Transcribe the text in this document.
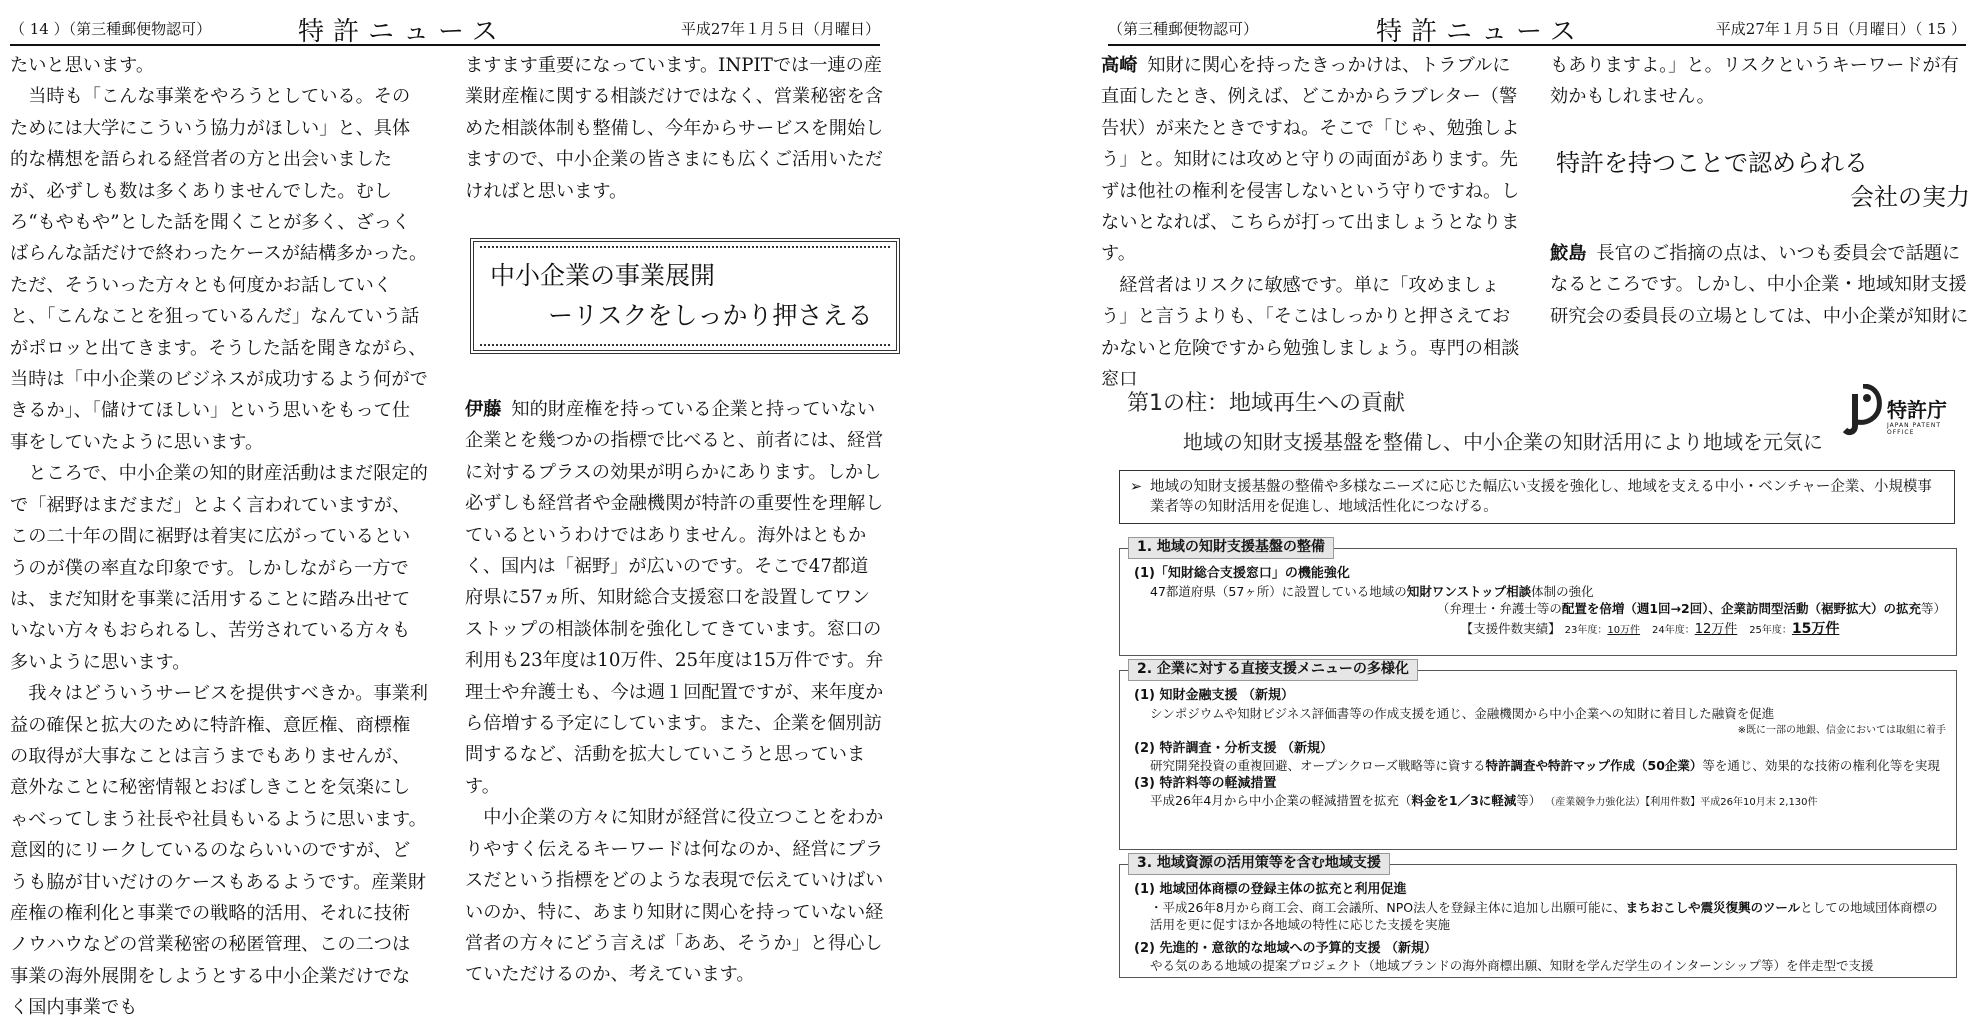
（ 14 ）（第三種郵便物認可）	特許ニュース	平成27年１月５日（月曜日）

たいと思います。

当時も「こんな事業をやろうとしている。そのためには大学にこういう協力がほしい」と、具体的な構想を語られる経営者の方と出会いましたが、必ずしも数は多くありませんでした。むしろ“もやもや”とした話を聞くことが多く、ざっくばらんな話だけで終わったケースが結構多かった。ただ、そういった方々とも何度かお話していくと、「こんなことを狙っているんだ」なんていう話がポロッと出てきます。そうした話を聞きながら、当時は「中小企業のビジネスが成功するよう何ができるか」、「儲けてほしい」という思いをもって仕事をしていたように思います。

ところで、中小企業の知的財産活動はまだ限定的で「裾野はまだまだ」とよく言われていますが、この二十年の間に裾野は着実に広がっているというのが僕の率直な印象です。しかしながら一方では、まだ知財を事業に活用することに踏み出せていない方々もおられるし、苦労されている方々も多いように思います。

我々はどういうサービスを提供すべきか。事業利益の確保と拡大のために特許権、意匠権、商標権の取得が大事なことは言うまでもありませんが、意外なことに秘密情報とおぼしきことを気楽にしゃべってしまう社長や社員もいるように思います。意図的にリークしているのならいいのですが、どうも脇が甘いだけのケースもあるようです。産業財産権の権利化と事業での戦略的活用、それに技術ノウハウなどの営業秘密の秘匿管理、この二つは事業の海外展開をしようとする中小企業だけでなく国内事業でも

ますます重要になっています。INPITでは一連の産業財産権に関する相談だけではなく、営業秘密を含めた相談体制も整備し、今年からサービスを開始しますので、中小企業の皆さまにも広くご活用いただければと思います。

中小企業の事業展開
ーリスクをしっかり押さえる

伊藤 知的財産権を持っている企業と持っていない企業とを幾つかの指標で比べると、前者には、経営に対するプラスの効果が明らかにあります。しかし必ずしも経営者や金融機関が特許の重要性を理解しているというわけではありません。海外はともかく、国内は「裾野」が広いのです。そこで47都道府県に57ヵ所、知財総合支援窓口を設置してワンストップの相談体制を強化してきています。窓口の利用も23年度は10万件、25年度は15万件です。弁理士や弁護士も、今は週１回配置ですが、来年度から倍増する予定にしています。また、企業を個別訪問するなど、活動を拡大していこうと思っています。

中小企業の方々に知財が経営に役立つことをわかりやすく伝えるキーワードは何なのか、経営にプラスだという指標をどのような表現で伝えていけばいいのか、特に、あまり知財に関心を持っていない経営者の方々にどう言えば「ああ、そうか」と得心していただけるのか、考えています。

（第三種郵便物認可）	特許ニュース	平成27年１月５日（月曜日）（ 15 ）

高崎 知財に関心を持ったきっかけは、トラブルに直面したとき、例えば、どこかからラブレター（警告状）が来たときですね。そこで「じゃ、勉強しよう」と。知財には攻めと守りの両面があります。先ずは他社の権利を侵害しないという守りですね。しないとなれば、こちらが打って出ましょうとなります。

経営者はリスクに敏感です。単に「攻めましょう」と言うよりも、「そこはしっかりと押さえておかないと危険ですから勉強しましょう。専門の相談窓口

もありますよ。」と。リスクというキーワードが有効かもしれません。

特許を持つことで認められる
会社の実力

鮫島 長官のご指摘の点は、いつも委員会で話題になるところです。しかし、中小企業・地域知財支援研究会の委員長の立場としては、中小企業が知財に

第1の柱：地域再生への貢献
地域の知財支援基盤を整備し、中小企業の知財活用により地域を元気に
特許庁
JAPAN PATENT OFFICE
➢ 地域の知財支援基盤の整備や多様なニーズに応じた幅広い支援を強化し、地域を支える中小・ベンチャー企業、小規模事業者等の知財活用を促進し、地域活性化につなげる。
1. 地域の知財支援基盤の整備
(1)「知財総合支援窓口」の機能強化
47都道府県（57ヶ所）に設置している地域の知財ワンストップ相談体制の強化
（弁理士・弁護士等の配置を倍増（週1回→2回）、企業訪問型活動（裾野拡大）の拡充等）
【支援件数実績】 23年度：10万件 24年度：12万件 25年度：15万件
2. 企業に対する直接支援メニューの多様化
(1) 知財金融支援 （新規）
シンポジウムや知財ビジネス評価書等の作成支援を通じ、金融機関から中小企業への知財に着目した融資を促進
※既に一部の地銀、信金においては取組に着手
(2) 特許調査・分析支援 （新規）
研究開発投資の重複回避、オープンクローズ戦略等に資する特許調査や特許マップ作成（50企業）等を通じ、効果的な技術の権利化等を実現
(3) 特許料等の軽減措置
平成26年4月から中小企業の軽減措置を拡充（料金を1／3に軽減等） （産業競争力強化法）【利用件数】平成26年10月末 2,130件
3. 地域資源の活用策等を含む地域支援
(1) 地域団体商標の登録主体の拡充と利用促進
・平成26年8月から商工会、商工会議所、NPO法人を登録主体に追加し出願可能に、まちおこしや震災復興のツールとしての地域団体商標の活用を更に促すほか各地域の特性に応じた支援を実施
(2) 先進的・意欲的な地域への予算的支援 （新規）
やる気のある地域の提案プロジェクト（地域ブランドの海外商標出願、知財を学んだ学生のインターンシップ等）を伴走型で支援
